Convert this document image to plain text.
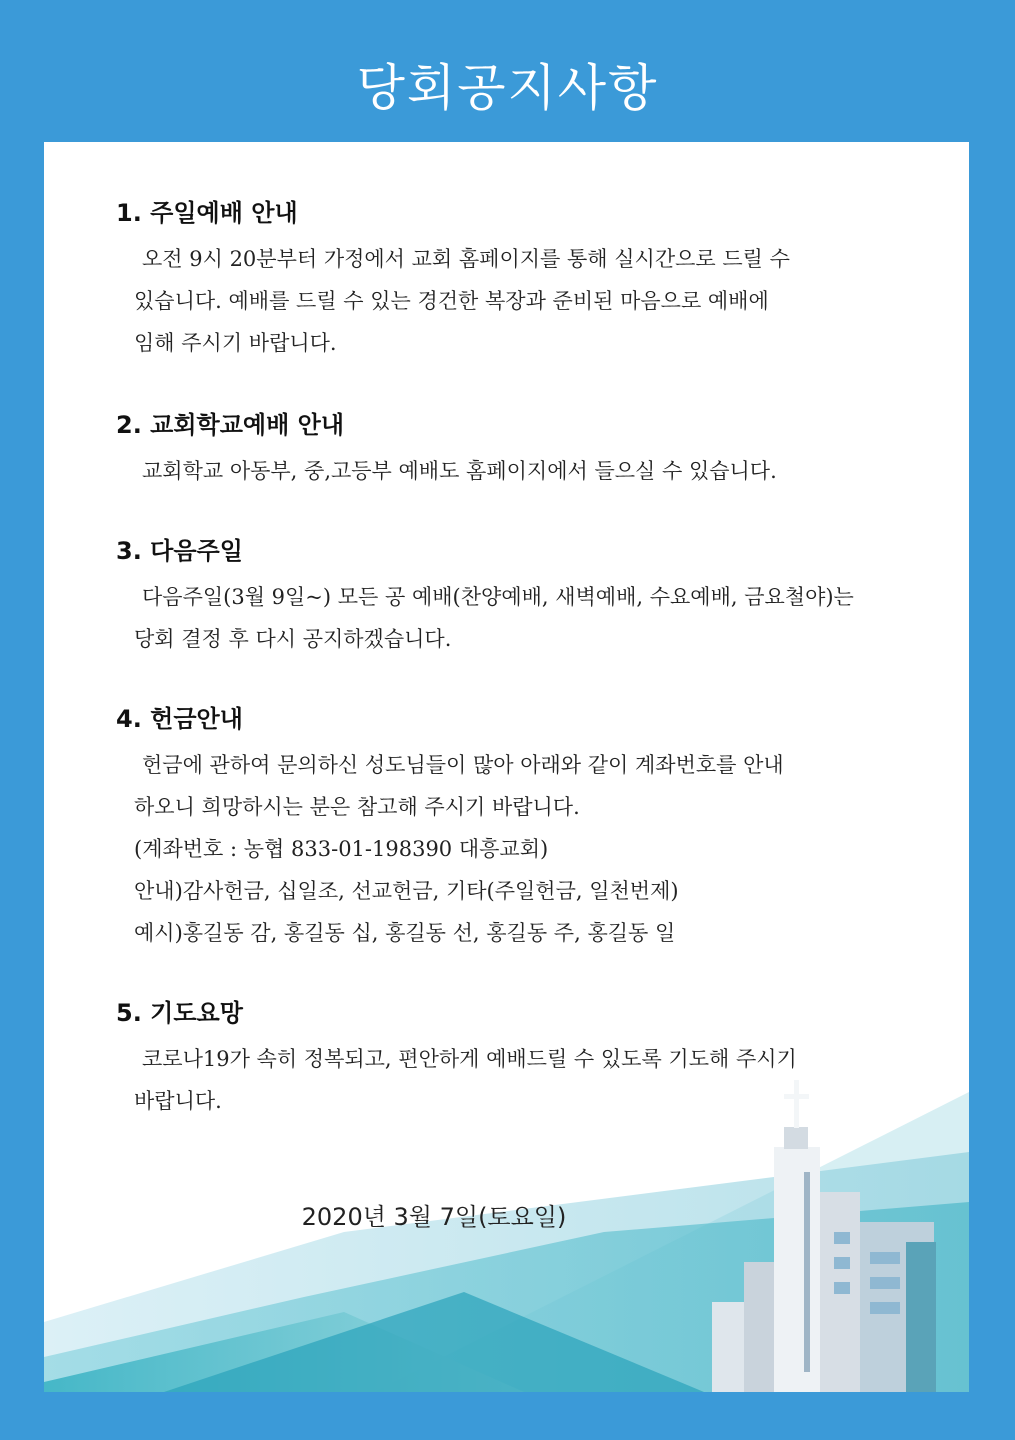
당회공지사항
1. 주일예배 안내
오전 9시 20분부터 가정에서 교회 홈페이지를 통해 실시간으로 드릴 수
있습니다. 예배를 드릴 수 있는 경건한 복장과 준비된 마음으로 예배에
임해 주시기 바랍니다.
2. 교회학교예배 안내
교회학교 아동부, 중,고등부 예배도 홈페이지에서 들으실 수 있습니다.
3. 다음주일
다음주일(3월 9일~) 모든 공 예배(찬양예배, 새벽예배, 수요예배, 금요철야)는
당회 결정 후 다시 공지하겠습니다.
4. 헌금안내
헌금에 관하여 문의하신 성도님들이 많아 아래와 같이 계좌번호를 안내
하오니 희망하시는 분은 참고해 주시기 바랍니다.
(계좌번호 : 농협 833-01-198390 대흥교회)
안내)감사헌금, 십일조, 선교헌금, 기타(주일헌금, 일천번제)
예시)홍길동 감, 홍길동 십, 홍길동 선, 홍길동 주, 홍길동 일
5. 기도요망
코로나19가 속히 정복되고, 편안하게 예배드릴 수 있도록 기도해 주시기
바랍니다.
2020년 3월 7일(토요일)
